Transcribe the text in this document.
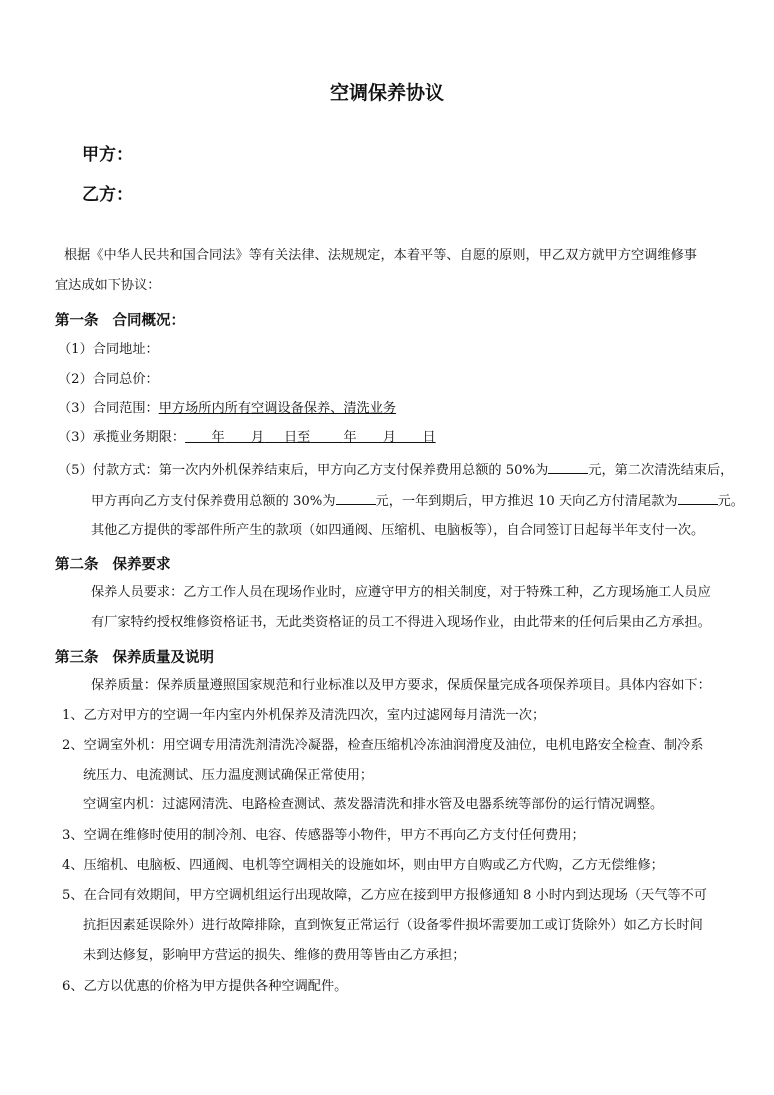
空调保养协议
甲方：
乙方：
根据《中华人民共和国合同法》等有关法律、法规规定，本着平等、自愿的原则，甲乙双方就甲方空调维修事
宜达成如下协议：
第一条 合同概况：
（1）合同地址：
（2）合同总价：
（3）合同范围：甲方场所内所有空调设备保养、清洗业务
（3）承揽业务期限：   年   月   日至    年   月   日
（5）付款方式：第一次内外机保养结束后，甲方向乙方支付保养费用总额的 50%为	元，第二次清洗结束后，
甲方再向乙方支付保养费用总额的 30%为	元，一年到期后，甲方推迟 10 天向乙方付清尾款为	元。
其他乙方提供的零部件所产生的款项（如四通阀、压缩机、电脑板等），自合同签订日起每半年支付一次。
第二条 保养要求
保养人员要求：乙方工作人员在现场作业时，应遵守甲方的相关制度，对于特殊工种，乙方现场施工人员应
有厂家特约授权维修资格证书，无此类资格证的员工不得进入现场作业，由此带来的任何后果由乙方承担。
第三条 保养质量及说明
保养质量：保养质量遵照国家规范和行业标准以及甲方要求，保质保量完成各项保养项目。具体内容如下：
1、乙方对甲方的空调一年内室内外机保养及清洗四次，室内过滤网每月清洗一次；
2、空调室外机：用空调专用清洗剂清洗冷凝器，检查压缩机冷冻油润滑度及油位，电机电路安全检查、制冷系
统压力、电流测试、压力温度测试确保正常使用；
空调室内机：过滤网清洗、电路检查测试、蒸发器清洗和排水管及电器系统等部份的运行情况调整。
3、空调在维修时使用的制冷剂、电容、传感器等小物件，甲方不再向乙方支付任何费用；
4、压缩机、电脑板、四通阀、电机等空调相关的设施如坏，则由甲方自购或乙方代购，乙方无偿维修；
5、在合同有效期间，甲方空调机组运行出现故障，乙方应在接到甲方报修通知 8 小时内到达现场（天气等不可
抗拒因素延误除外）进行故障排除，直到恢复正常运行（设备零件损坏需要加工或订货除外）如乙方长时间
未到达修复，影响甲方营运的损失、维修的费用等皆由乙方承担；
6、乙方以优惠的价格为甲方提供各种空调配件。
